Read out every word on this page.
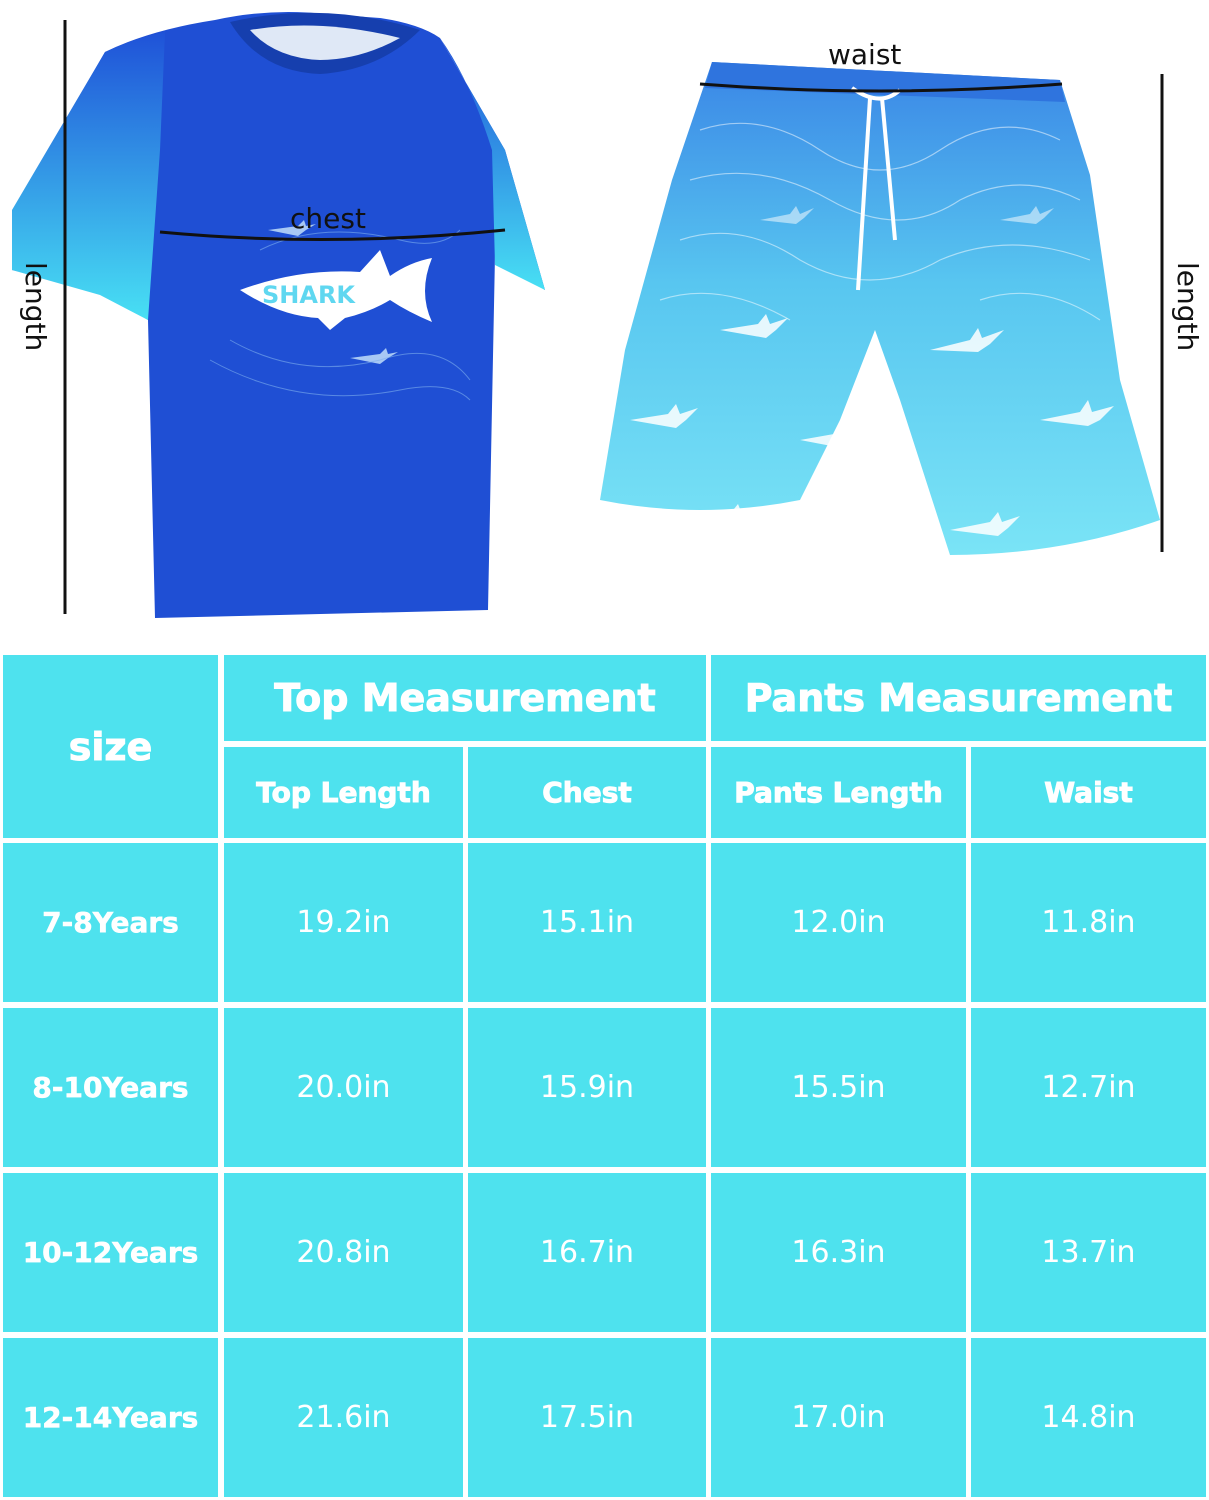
SHARK
chest
length
waist
length
size
Top Measurement	Pants Measurement
Top Length	Chest	Pants Length	Waist
7-8Years	19.2in	15.1in	12.0in	11.8in
8-10Years	20.0in	15.9in	15.5in	12.7in
10-12Years	20.8in	16.7in	16.3in	13.7in
12-14Years	21.6in	17.5in	17.0in	14.8in
